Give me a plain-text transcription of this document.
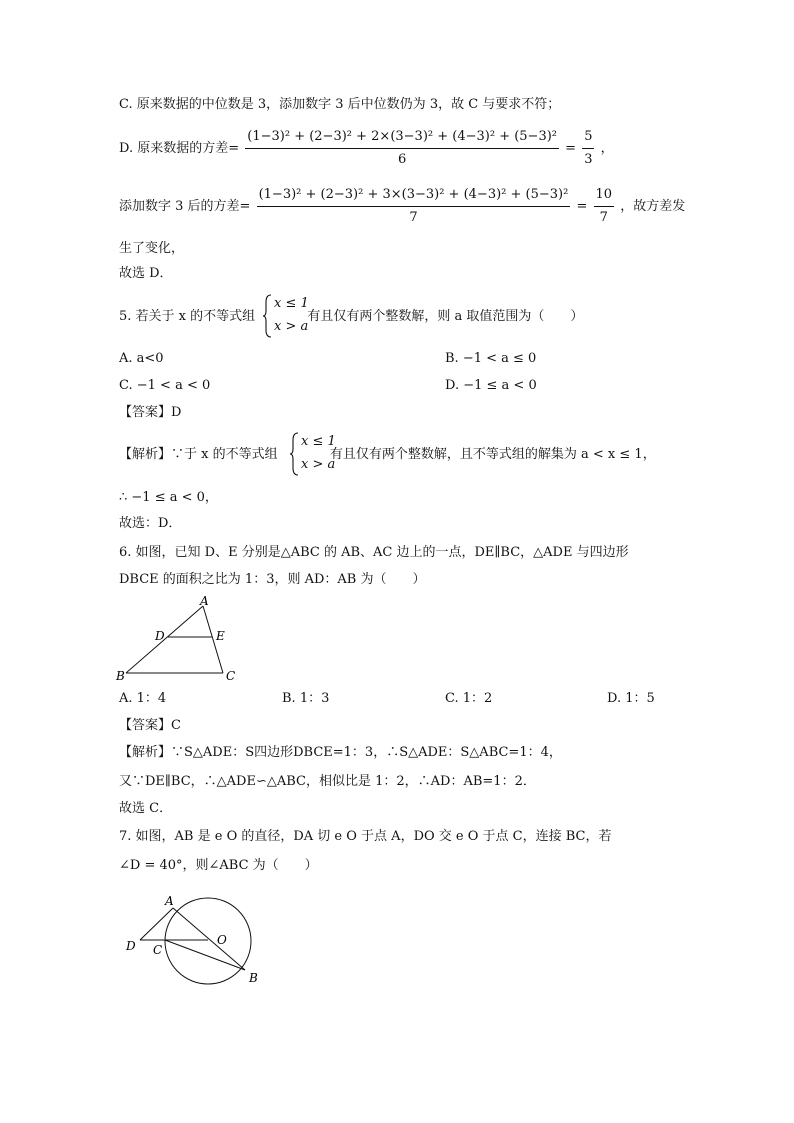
C. 原来数据的中位数是 3，添加数字 3 后中位数仍为 3，故 C 与要求不符；
D. 原来数据的方差= $\frac{\text{(1−3)² + (2−3)² + 2×(3−3)² + (4−3)² + (5−3)²}}{6} = \frac{5}{3}$ ，
添加数字 3 后的方差= $\frac{\text{(1−3)² + (2−3)² + 3×(3−3)² + (4−3)² + (5−3)²}}{7} = \frac{10}{7}$ ，故方差发
生了变化，
故选 D．
5. 若关于 x 的不等式组	有且仅有两个整数解，则 a 取值范围为（　　）
x ≤ 1
x > a
A. a<0	B. −1 < a ≤ 0
C. −1 < a < 0	D. −1 ≤ a < 0
【答案】D
【解析】∵于 x 的不等式组	有且仅有两个整数解，且不等式组的解集为 a < x ≤ 1，
x ≤ 1
x > a
∴ −1 ≤ a < 0，
故选：D．
6. 如图，已知 D、E 分别是△ABC 的 AB、AC 边上的一点，DE∥BC，△ADE 与四边形
DBCE 的面积之比为 1：3，则 AD：AB 为（　　）
A
D	E
B	C
A. 1：4	B. 1：3	C. 1：2	D. 1：5
【答案】C
【解析】∵S△ADE：S四边形DBCE=1：3，∴S△ADE：S△ABC=1：4，
又∵DE∥BC，∴△ADE∽△ABC，相似比是 1：2，∴AD：AB=1：2．
故选 C．
7. 如图，AB 是 e O 的直径，DA 切 e O 于点 A，DO 交 e O 于点 C，连接 BC，若
∠D = 40°，则∠ABC 为（　　）
A
D	O
C
B
